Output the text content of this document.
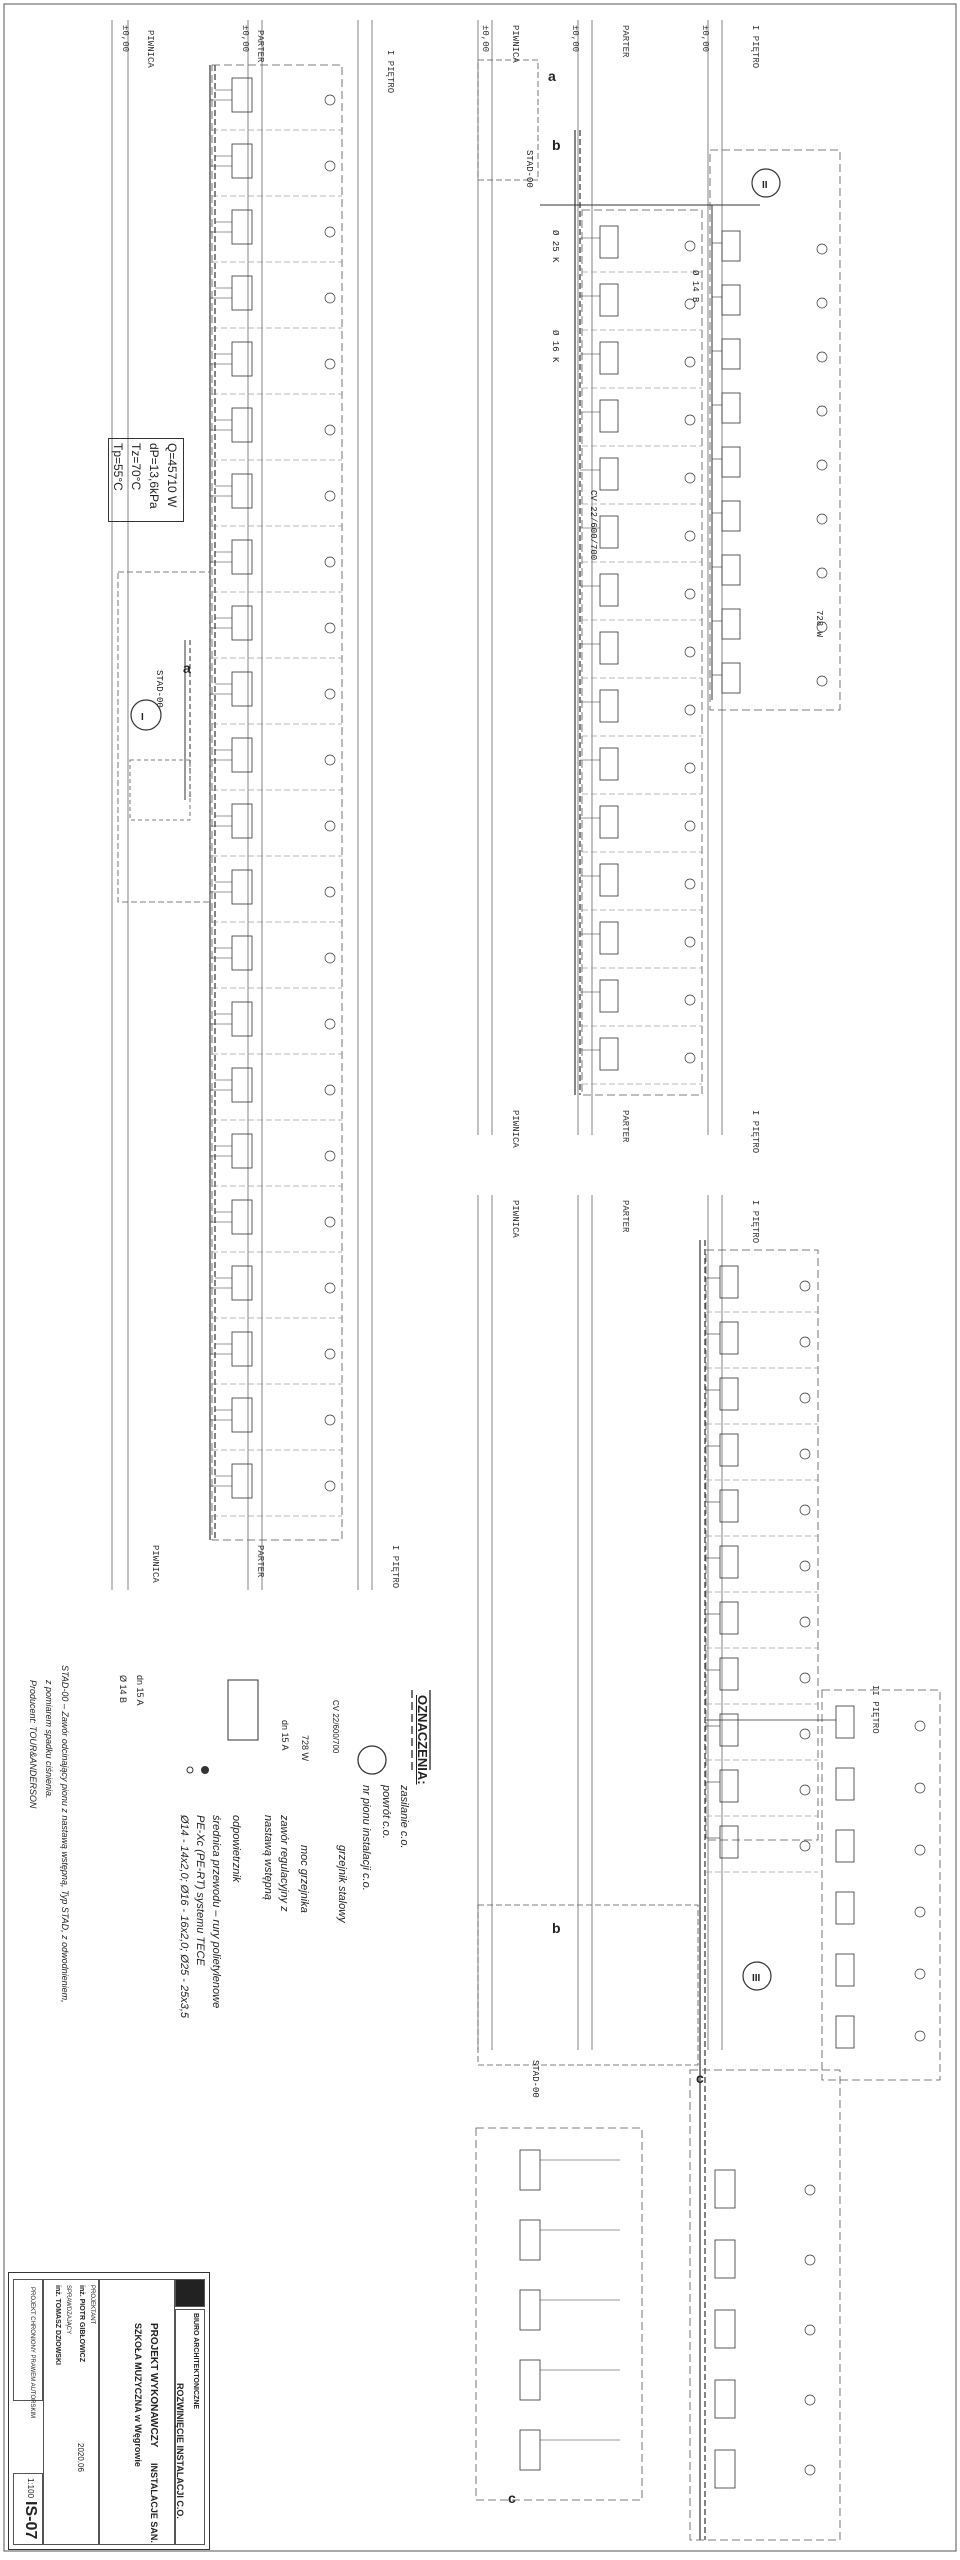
PIWNICA	PARTER
I PIĘTRO
PIWNICA	PARTER	I PIĘTRO
PIWNICA	PARTER	I PIĘTRO
PIWNICA	PARTER	I PIĘTRO
PIWNICA	PARTER	I PIĘTRO
II PIĘTRO
±0,00	±0,00	±0,00	±0,00	±0,00
I
II
III
a
a
b
b
c
c
Q=45710 W
dP=13,6kPa
Tz=70°C
Tp=55°C
Ø 25 K
Ø 16 K
Ø 14 B
STAD-00
STAD-00
STAD-00
CV 22/600/700
728 W
OZNACZENIA:
zasilanie c.o.
powrót c.o.
nr pionu instalacji c.o.
grzejnik stalowy
moc grzejnika
zawór regulacyjny z
nastawą wstępną
odpowietrznik
średnica przewodu – rury polietylenowe
PE-Xc (PE-RT) systemu TECE
Ø14 - 14x2,0; Ø16 - 16x2,0; Ø25 - 25x3,5
CV 22/600/700
728 W
dn 15 A
dn 15 A
Ø 14 B
STAD-00 – Zawór odcinający pionu z nastawą wstępną, Typ STAD, z odwodnieniem,
z pomiarem spadku ciśnienia.
Producent: TOUR&ANDERSON
BIURO ARCHITEKTONICZNE
PROJEKT WYKONAWCZY
SZKOŁA MUZYCZNA w Węgrowie	ROZWINIĘCIE INSTALACJI C.O.
INSTALACJE SAN.
PROJEKTANT
inż. PIOTR GIBŁOWICZ
SPRAWDZAJĄCY
inż. TOMASZ DZIOWSKI
2020.06
1:100
IS-07
PROJEKT CHRONIONY PRAWEM AUTORSKIM
